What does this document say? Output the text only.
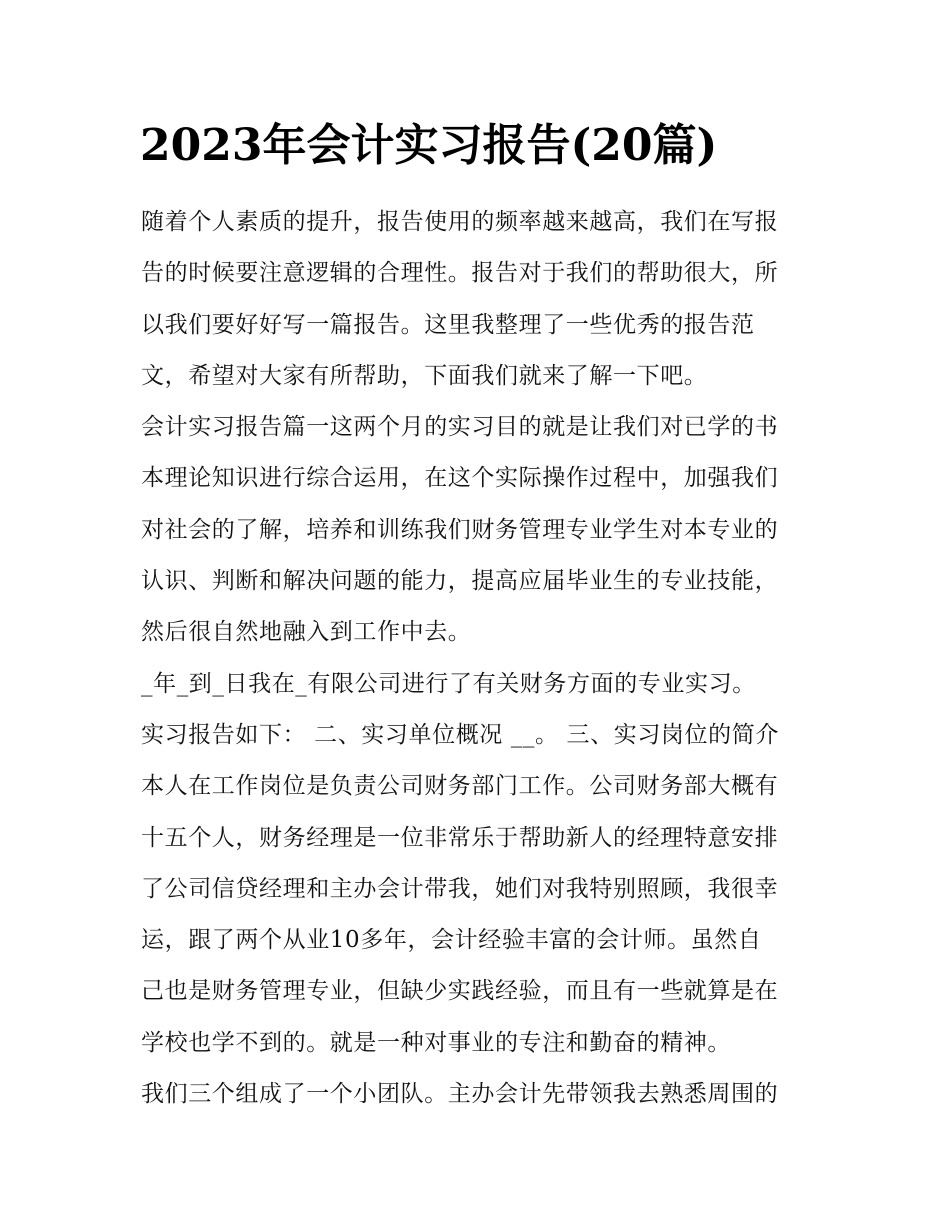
2023年会计实习报告(20篇)
随着个人素质的提升，报告使用的频率越来越高，我们在写报
告的时候要注意逻辑的合理性。报告对于我们的帮助很大，所
以我们要好好写一篇报告。这里我整理了一些优秀的报告范
文，希望对大家有所帮助，下面我们就来了解一下吧。
会计实习报告篇一这两个月的实习目的就是让我们对已学的书
本理论知识进行综合运用，在这个实际操作过程中，加强我们
对社会的了解，培养和训练我们财务管理专业学生对本专业的
认识、判断和解决问题的能力，提高应届毕业生的专业技能，
然后很自然地融入到工作中去。
_年_到_日我在_有限公司进行了有关财务方面的专业实习。
实习报告如下： 二、实习单位概况 __。 三、实习岗位的简介
本人在工作岗位是负责公司财务部门工作。公司财务部大概有
十五个人，财务经理是一位非常乐于帮助新人的经理特意安排
了公司信贷经理和主办会计带我，她们对我特别照顾，我很幸
运，跟了两个从业10多年，会计经验丰富的会计师。虽然自
己也是财务管理专业，但缺少实践经验，而且有一些就算是在
学校也学不到的。就是一种对事业的专注和勤奋的精神。
我们三个组成了一个小团队。主办会计先带领我去熟悉周围的
